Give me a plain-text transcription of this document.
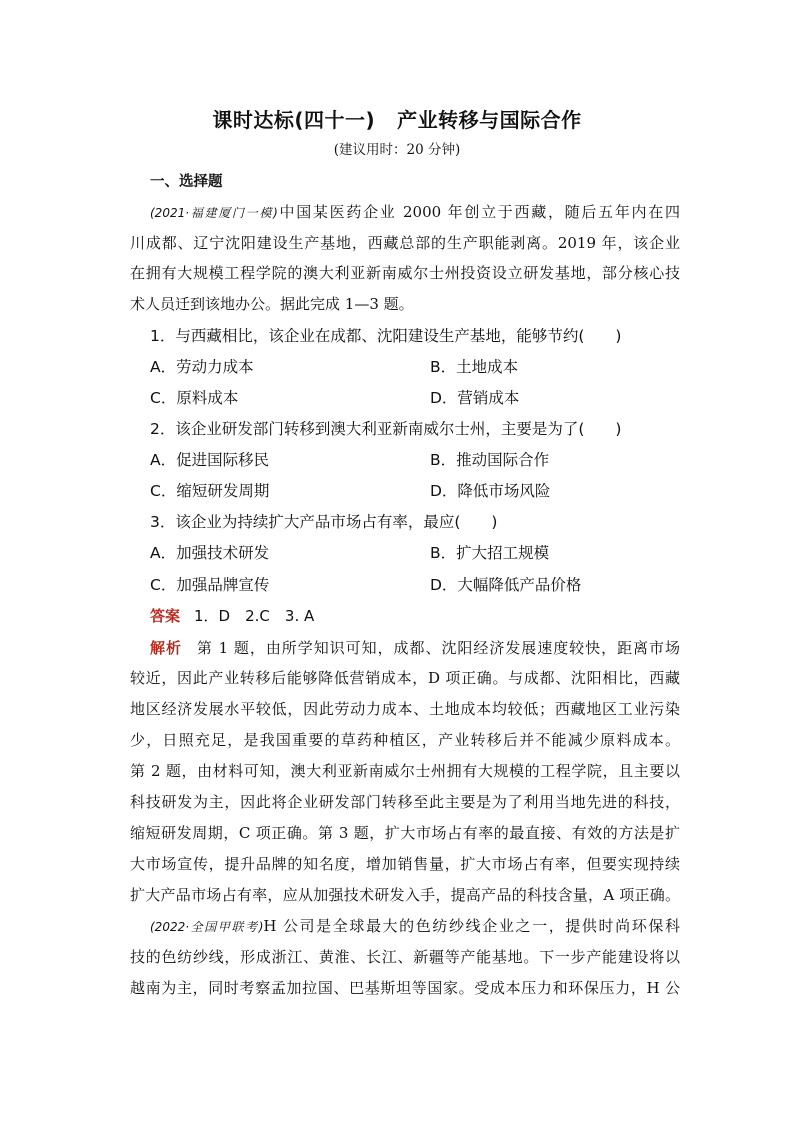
课时达标(四十一) 产业转移与国际合作
(建议用时：20 分钟)
一、选择题
(2021·福建厦门一模)中国某医药企业 2000 年创立于西藏，随后五年内在四
川成都、辽宁沈阳建设生产基地，西藏总部的生产职能剥离。2019 年，该企业
在拥有大规模工程学院的澳大利亚新南威尔士州投资设立研发基地，部分核心技
术人员迁到该地办公。据此完成 1—3 题。
1．与西藏相比，该企业在成都、沈阳建设生产基地，能够节约(　　)
A．劳动力成本	B．土地成本
C．原料成本	D．营销成本
2．该企业研发部门转移到澳大利亚新南威尔士州，主要是为了(　　)
A．促进国际移民	B．推动国际合作
C．缩短研发周期	D．降低市场风险
3．该企业为持续扩大产品市场占有率，最应(　　)
A．加强技术研发	B．扩大招工规模
C．加强品牌宣传	D．大幅降低产品价格
答案 1．D　2.C　3. A
解析 第 1 题，由所学知识可知，成都、沈阳经济发展速度较快，距离市场
较近，因此产业转移后能够降低营销成本，D 项正确。与成都、沈阳相比，西藏
地区经济发展水平较低，因此劳动力成本、土地成本均较低；西藏地区工业污染
少，日照充足，是我国重要的草药种植区，产业转移后并不能减少原料成本。
第 2 题，由材料可知，澳大利亚新南威尔士州拥有大规模的工程学院，且主要以
科技研发为主，因此将企业研发部门转移至此主要是为了利用当地先进的科技，
缩短研发周期，C 项正确。第 3 题，扩大市场占有率的最直接、有效的方法是扩
大市场宣传，提升品牌的知名度，增加销售量，扩大市场占有率，但要实现持续
扩大产品市场占有率，应从加强技术研发入手，提高产品的科技含量，A 项正确。
(2022·全国甲联考)H 公司是全球最大的色纺纱线企业之一，提供时尚环保科
技的色纺纱线，形成浙江、黄淮、长江、新疆等产能基地。下一步产能建设将以
越南为主，同时考察孟加拉国、巴基斯坦等国家。受成本压力和环保压力，H 公
